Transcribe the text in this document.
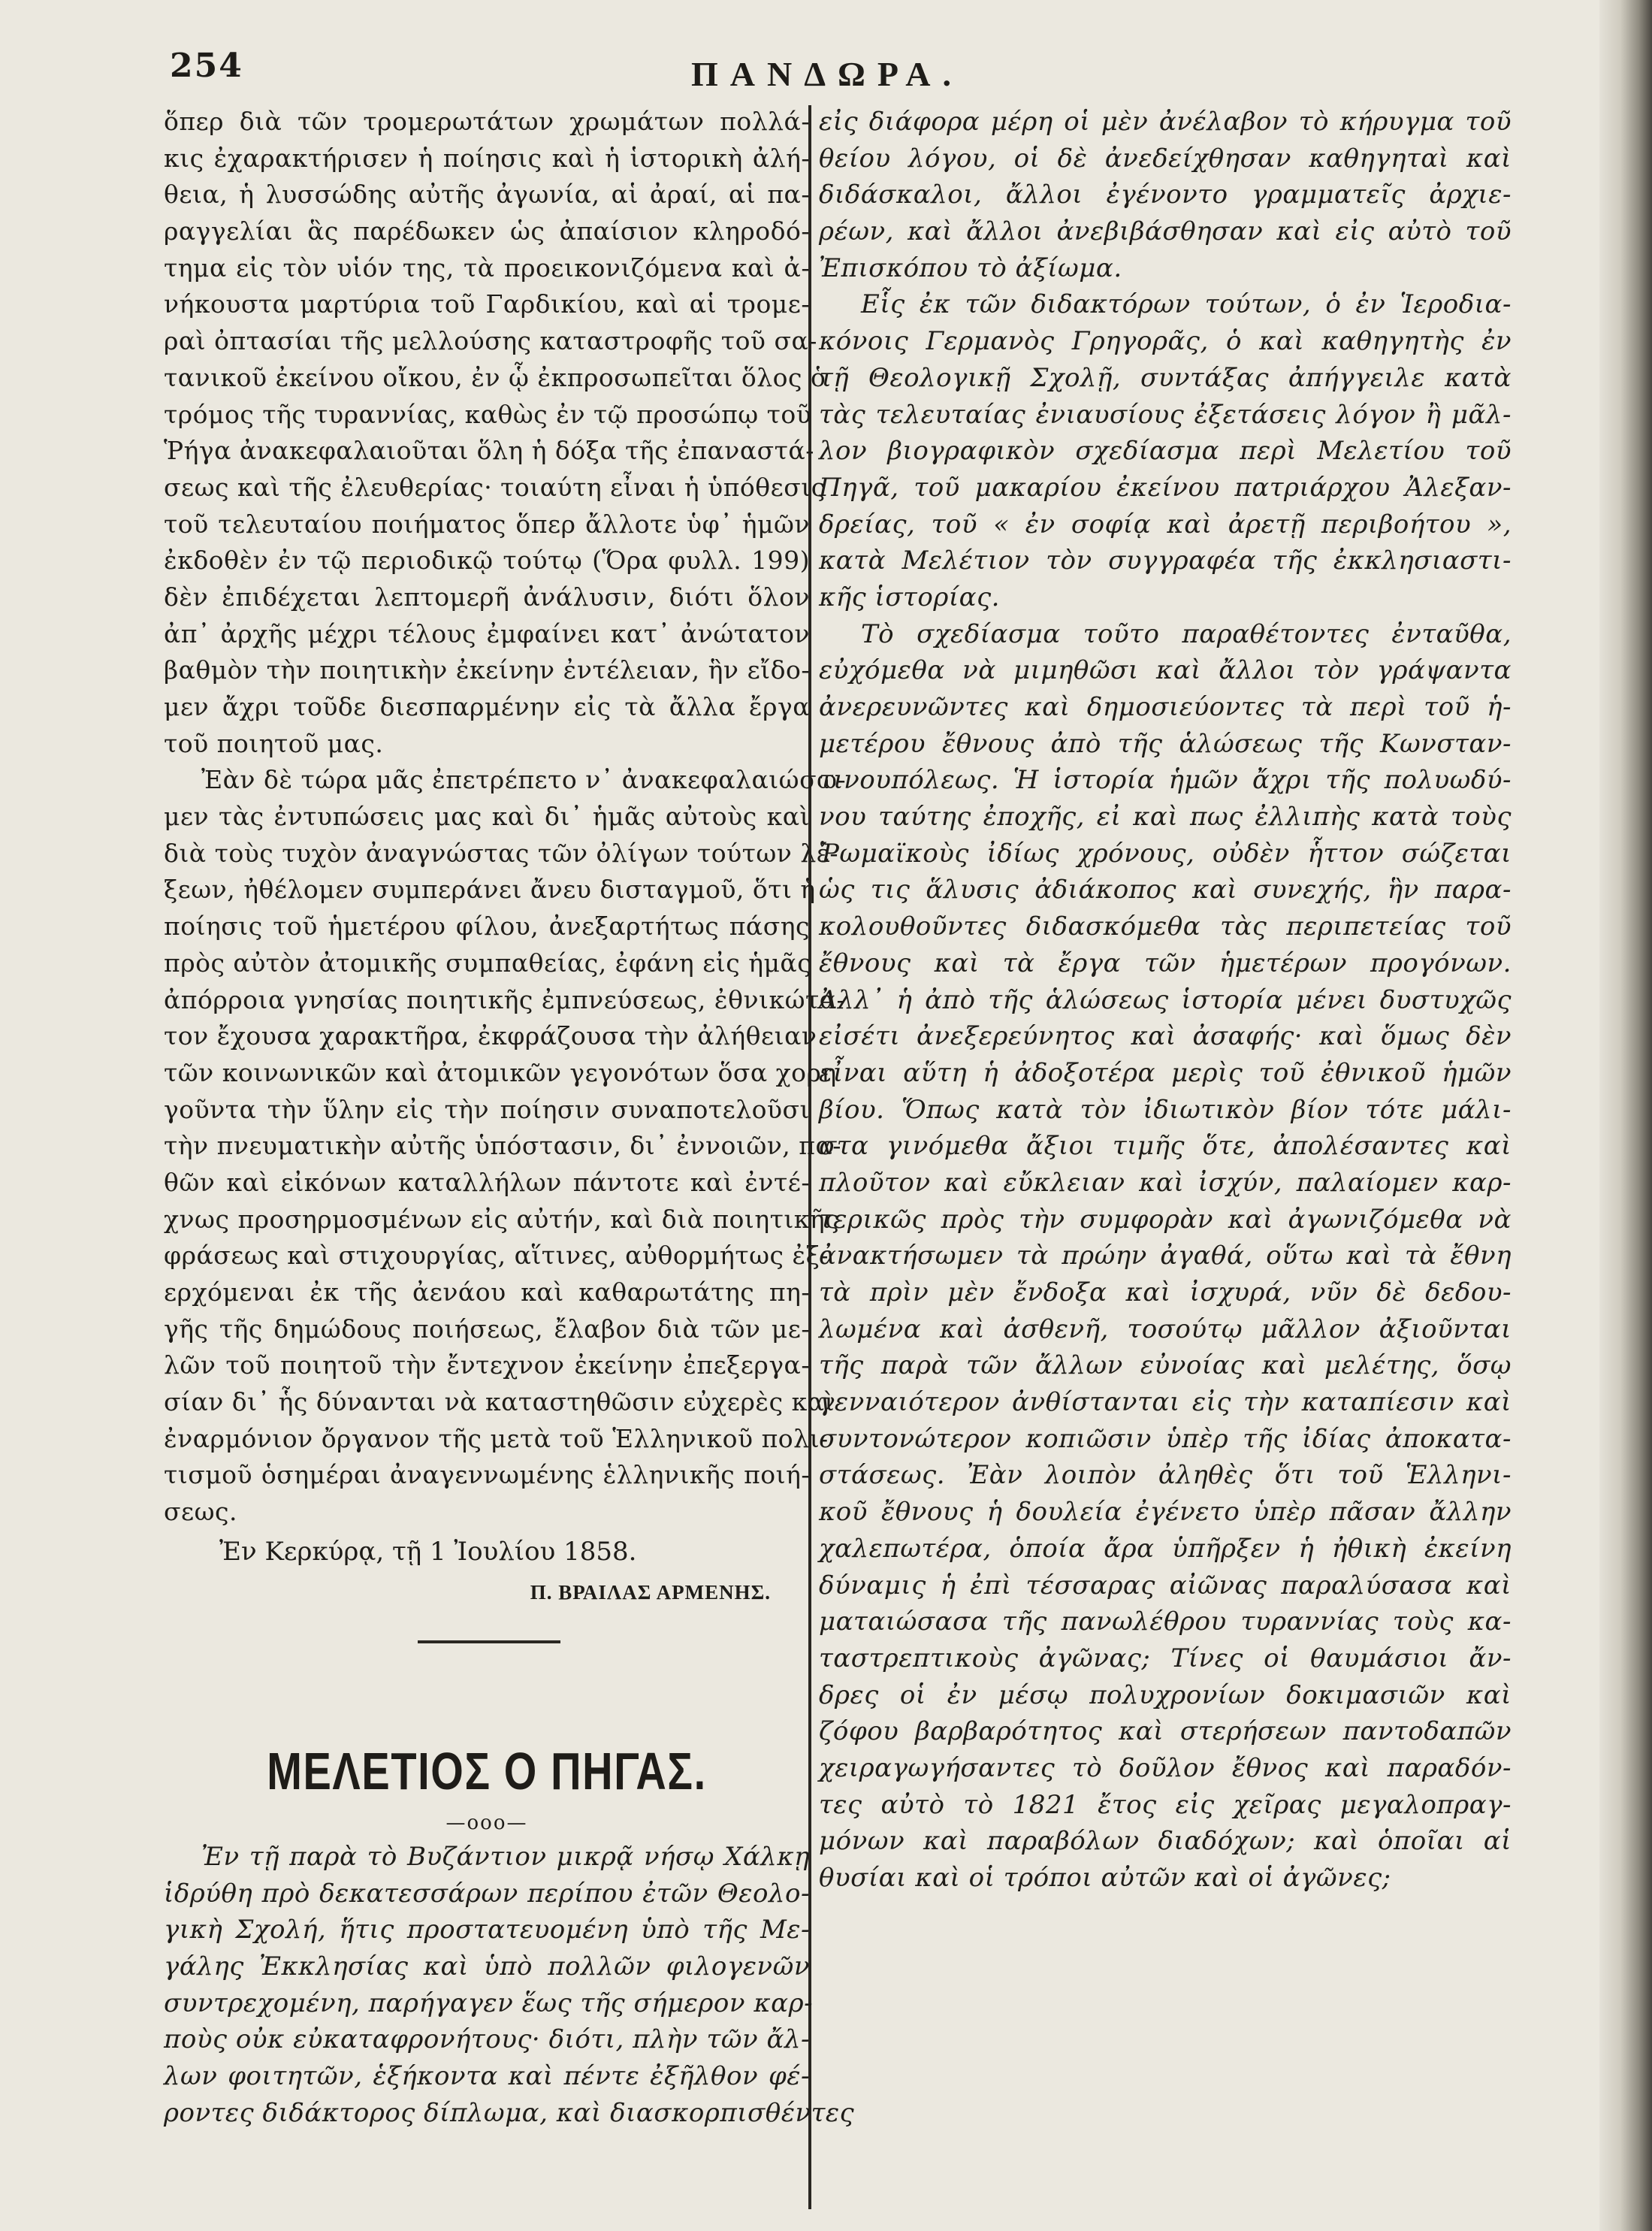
254	ΠΑΝΔΩΡΑ.
ὅπερ διὰ τῶν τρομερωτάτων χρωμάτων πολλά-
κις ἐχαρακτήρισεν ἡ ποίησις καὶ ἡ ἱστορικὴ ἀλή-
θεια, ἡ λυσσώδης αὐτῆς ἀγωνία, αἱ ἀραί, αἱ πα-
ραγγελίαι ἃς παρέδωκεν ὡς ἀπαίσιον κληροδό-
τημα εἰς τὸν υἱόν της, τὰ προεικονιζόμενα καὶ ἀ-
νήκουστα μαρτύρια τοῦ Γαρδικίου, καὶ αἱ τρομε-
ραὶ ὀπτασίαι τῆς μελλούσης καταστροφῆς τοῦ σα-
τανικοῦ ἐκείνου οἴκου, ἐν ᾧ ἐκπροσωπεῖται ὅλος ὁ
τρόμος τῆς τυραννίας, καθὼς ἐν τῷ προσώπῳ τοῦ
Ῥήγα ἀνακεφαλαιοῦται ὅλη ἡ δόξα τῆς ἐπαναστά-
σεως καὶ τῆς ἐλευθερίας· τοιαύτη εἶναι ἡ ὑπόθεσις
τοῦ τελευταίου ποιήματος ὅπερ ἄλλοτε ὑφ᾿ ἡμῶν
ἐκδοθὲν ἐν τῷ περιοδικῷ τούτῳ (Ὅρα φυλλ. 199)
δὲν ἐπιδέχεται λεπτομερῆ ἀνάλυσιν, διότι ὅλον
ἀπ᾿ ἀρχῆς μέχρι τέλους ἐμφαίνει κατ᾿ ἀνώτατον
βαθμὸν τὴν ποιητικὴν ἐκείνην ἐντέλειαν, ἣν εἴδο-
μεν ἄχρι τοῦδε διεσπαρμένην εἰς τὰ ἄλλα ἔργα
τοῦ ποιητοῦ μας.
Ἐὰν δὲ τώρα μᾶς ἐπετρέπετο ν᾿ ἀνακεφαλαιώσω-
μεν τὰς ἐντυπώσεις μας καὶ δι᾿ ἡμᾶς αὐτοὺς καὶ
διὰ τοὺς τυχὸν ἀναγνώστας τῶν ὀλίγων τούτων λέ-
ξεων, ἠθέλομεν συμπεράνει ἄνευ δισταγμοῦ, ὅτι ἡ
ποίησις τοῦ ἡμετέρου φίλου, ἀνεξαρτήτως πάσης
πρὸς αὐτὸν ἀτομικῆς συμπαθείας, ἐφάνη εἰς ἡμᾶς
ἀπόρροια γνησίας ποιητικῆς ἐμπνεύσεως, ἐθνικώτα-
τον ἔχουσα χαρακτῆρα, ἐκφράζουσα τὴν ἀλήθειαν
τῶν κοινωνικῶν καὶ ἀτομικῶν γεγονότων ὅσα χορη
γοῦντα τὴν ὕλην εἰς τὴν ποίησιν συναποτελοῦσι
τὴν πνευματικὴν αὐτῆς ὑπόστασιν, δι᾿ ἐννοιῶν, πα-
θῶν καὶ εἰκόνων καταλλήλων πάντοτε καὶ ἐντέ-
χνως προσηρμοσμένων εἰς αὐτήν, καὶ διὰ ποιητικῆς
φράσεως καὶ στιχουργίας, αἵτινες, αὐθορμήτως ἐξ-
ερχόμεναι ἐκ τῆς ἀενάου καὶ καθαρωτάτης πη-
γῆς τῆς δημώδους ποιήσεως, ἔλαβον διὰ τῶν με-
λῶν τοῦ ποιητοῦ τὴν ἔντεχνον ἐκείνην ἐπεξεργα-
σίαν δι᾿ ἧς δύνανται νὰ καταστηθῶσιν εὐχερὲς καὶ
ἐναρμόνιον ὄργανον τῆς μετὰ τοῦ Ἑλληνικοῦ πολι-
τισμοῦ ὁσημέραι ἀναγεννωμένης ἑλληνικῆς ποιή-
σεως.
Ἐν Κερκύρᾳ, τῇ 1 Ἰουλίου 1858.
Π. ΒΡΑΙΛΑΣ ΑΡΜΕΝΗΣ.
ΜΕΛΕΤΙΟΣ Ο ΠΗΓΑΣ.
—ooo—
Ἐν τῇ παρὰ τὸ Βυζάντιον μικρᾷ νήσῳ Χάλκῃ
ἱδρύθη πρὸ δεκατεσσάρων περίπου ἐτῶν Θεολο-
γικὴ Σχολή, ἥτις προστατευομένη ὑπὸ τῆς Με-
γάλης Ἐκκλησίας καὶ ὑπὸ πολλῶν φιλογενῶν
συντρεχομένη, παρήγαγεν ἕως τῆς σήμερον καρ-
ποὺς οὐκ εὐκαταφρονήτους· διότι, πλὴν τῶν ἄλ-
λων φοιτητῶν, ἑξήκοντα καὶ πέντε ἐξῆλθον φέ-
ροντες διδάκτορος δίπλωμα, καὶ διασκορπισθέντες
εἰς διάφορα μέρη οἱ μὲν ἀνέλαβον τὸ κήρυγμα τοῦ
θείου λόγου, οἱ δὲ ἀνεδείχθησαν καθηγηταὶ καὶ
διδάσκαλοι, ἄλλοι ἐγένοντο γραμματεῖς ἀρχιε-
ρέων, καὶ ἄλλοι ἀνεβιβάσθησαν καὶ εἰς αὐτὸ τοῦ
Ἐπισκόπου τὸ ἀξίωμα.
Εἷς ἐκ τῶν διδακτόρων τούτων, ὁ ἐν Ἱεροδια-
κόνοις Γερμανὸς Γρηγορᾶς, ὁ καὶ καθηγητὴς ἐν
τῇ Θεολογικῇ Σχολῇ, συντάξας ἀπήγγειλε κατὰ
τὰς τελευταίας ἐνιαυσίους ἐξετάσεις λόγον ἢ μᾶλ-
λον βιογραφικὸν σχεδίασμα περὶ Μελετίου τοῦ
Πηγᾶ, τοῦ μακαρίου ἐκείνου πατριάρχου Ἀλεξαν-
δρείας, τοῦ « ἐν σοφίᾳ καὶ ἀρετῇ περιβοήτου »,
κατὰ Μελέτιον τὸν συγγραφέα τῆς ἐκκλησιαστι-
κῆς ἱστορίας.
Τὸ σχεδίασμα τοῦτο παραθέτοντες ἐνταῦθα,
εὐχόμεθα νὰ μιμηθῶσι καὶ ἄλλοι τὸν γράψαντα
ἀνερευνῶντες καὶ δημοσιεύοντες τὰ περὶ τοῦ ἡ-
μετέρου ἔθνους ἀπὸ τῆς ἁλώσεως τῆς Κωνσταν-
τινουπόλεως. Ἡ ἱστορία ἡμῶν ἄχρι τῆς πολυωδύ-
νου ταύτης ἐποχῆς, εἰ καὶ πως ἐλλιπὴς κατὰ τοὺς
Ῥωμαϊκοὺς ἰδίως χρόνους, οὐδὲν ἧττον σώζεται
ὡς τις ἅλυσις ἀδιάκοπος καὶ συνεχής, ἣν παρα-
κολουθοῦντες διδασκόμεθα τὰς περιπετείας τοῦ
ἔθνους καὶ τὰ ἔργα τῶν ἡμετέρων προγόνων.
Ἀλλ᾿ ἡ ἀπὸ τῆς ἁλώσεως ἱστορία μένει δυστυχῶς
εἰσέτι ἀνεξερεύνητος καὶ ἀσαφής· καὶ ὅμως δὲν
εἶναι αὕτη ἡ ἀδοξοτέρα μερὶς τοῦ ἐθνικοῦ ἡμῶν
βίου. Ὅπως κατὰ τὸν ἰδιωτικὸν βίον τότε μάλι-
στα γινόμεθα ἄξιοι τιμῆς ὅτε, ἀπολέσαντες καὶ
πλοῦτον καὶ εὔκλειαν καὶ ἰσχύν, παλαίομεν καρ-
τερικῶς πρὸς τὴν συμφορὰν καὶ ἀγωνιζόμεθα νὰ
ἀνακτήσωμεν τὰ πρώην ἀγαθά, οὕτω καὶ τὰ ἔθνη
τὰ πρὶν μὲν ἔνδοξα καὶ ἰσχυρά, νῦν δὲ δεδου-
λωμένα καὶ ἀσθενῆ, τοσούτῳ μᾶλλον ἀξιοῦνται
τῆς παρὰ τῶν ἄλλων εὐνοίας καὶ μελέτης, ὅσῳ
γενναιότερον ἀνθίστανται εἰς τὴν καταπίεσιν καὶ
συντονώτερον κοπιῶσιν ὑπὲρ τῆς ἰδίας ἀποκατα-
στάσεως. Ἐὰν λοιπὸν ἀληθὲς ὅτι τοῦ Ἑλληνι-
κοῦ ἔθνους ἡ δουλεία ἐγένετο ὑπὲρ πᾶσαν ἄλλην
χαλεπωτέρα, ὁποία ἄρα ὑπῆρξεν ἡ ἠθικὴ ἐκείνη
δύναμις ἡ ἐπὶ τέσσαρας αἰῶνας παραλύσασα καὶ
ματαιώσασα τῆς πανωλέθρου τυραννίας τοὺς κα-
ταστρεπτικοὺς ἀγῶνας; Τίνες οἱ θαυμάσιοι ἄν-
δρες οἱ ἐν μέσῳ πολυχρονίων δοκιμασιῶν καὶ
ζόφου βαρβαρότητος καὶ στερήσεων παντοδαπῶν
χειραγωγήσαντες τὸ δοῦλον ἔθνος καὶ παραδόν-
τες αὐτὸ τὸ 1821 ἔτος εἰς χεῖρας μεγαλοπραγ-
μόνων καὶ παραβόλων διαδόχων; καὶ ὁποῖαι αἱ
θυσίαι καὶ οἱ τρόποι αὐτῶν καὶ οἱ ἀγῶνες;
